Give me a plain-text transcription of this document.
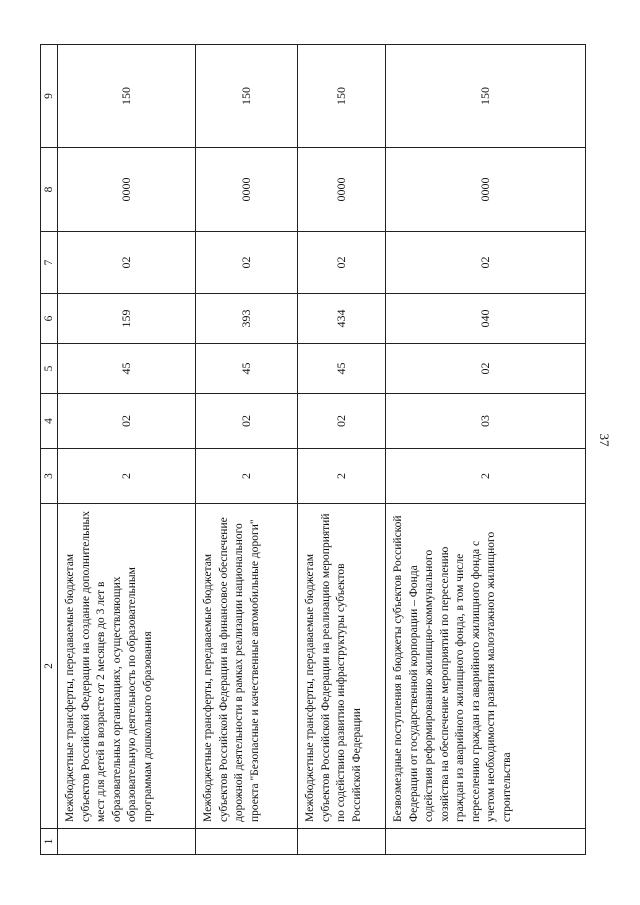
37
1	2	3	4	5	6	7	8	9
	Межбюджетные трансферты, передаваемые бюджетам субъектов Российской Федерации на создание дополнительных мест для детей в возрасте от 2 месяцев до 3 лет в образовательных организациях, осуществляющих образовательную деятельность по образовательным программам дошкольного образования	2	02	45	159	02	0000	150
	Межбюджетные трансферты, передаваемые бюджетам субъектов Российской Федерации на финансовое обеспечение дорожной деятельности в рамках реализации национального проекта "Безопасные и качественные автомобильные дороги"	2	02	45	393	02	0000	150
	Межбюджетные трансферты, передаваемые бюджетам субъектов Российской Федерации на реализацию мероприятий по содействию развитию инфраструктуры субъектов Российской Федерации	2	02	45	434	02	0000	150
	Безвозмездные поступления в бюджеты субъектов Российской Федерации от государственной корпорации – Фонда содействия реформированию жилищно-коммунального хозяйства на обеспечение мероприятий по переселению граждан из аварийного жилищного фонда, в том числе переселению граждан из аварийного жилищного фонда с учетом необходимости развития малоэтажного жилищного строительства	2	03	02	040	02	0000	150
